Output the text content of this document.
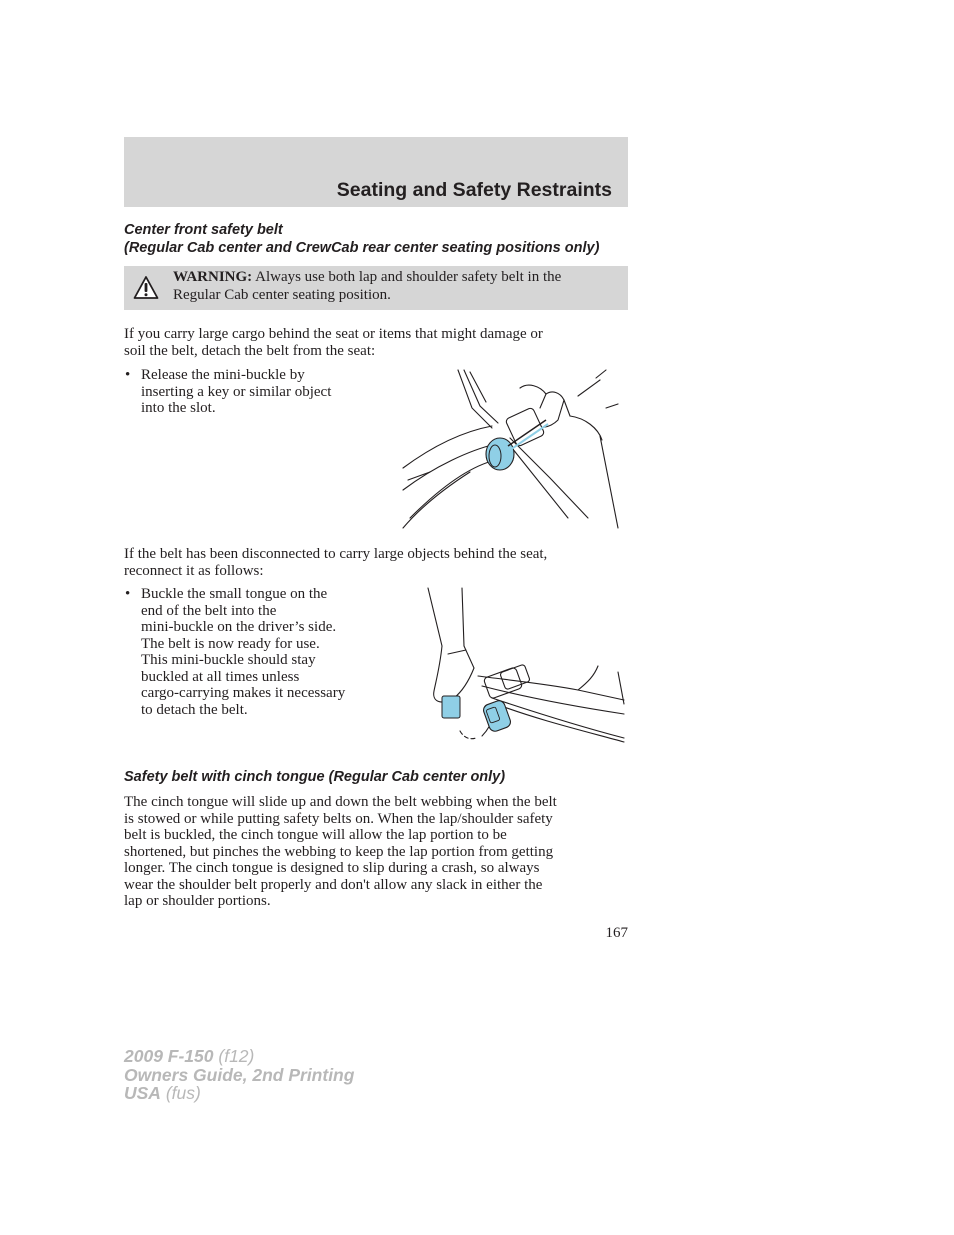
Seating and Safety Restraints
Center front safety belt
(Regular Cab center and CrewCab rear center seating positions only)
WARNING: Always use both lap and shoulder safety belt in the
Regular Cab center seating position.

If you carry large cargo behind the seat or items that might damage or
soil the belt, detach the belt from the seat:

• Release the mini-buckle by
inserting a key or similar object
into the slot.

If the belt has been disconnected to carry large objects behind the seat,
reconnect it as follows:

• Buckle the small tongue on the
end of the belt into the
mini-buckle on the driver’s side.
The belt is now ready for use.
This mini-buckle should stay
buckled at all times unless
cargo-carrying makes it necessary
to detach the belt.
Safety belt with cinch tongue (Regular Cab center only)

The cinch tongue will slide up and down the belt webbing when the belt
is stowed or while putting safety belts on. When the lap/shoulder safety
belt is buckled, the cinch tongue will allow the lap portion to be
shortened, but pinches the webbing to keep the lap portion from getting
longer. The cinch tongue is designed to slip during a crash, so always
wear the shoulder belt properly and don't allow any slack in either the
lap or shoulder portions.

167
2009 F-150 (f12)
Owners Guide, 2nd Printing
USA (fus)
